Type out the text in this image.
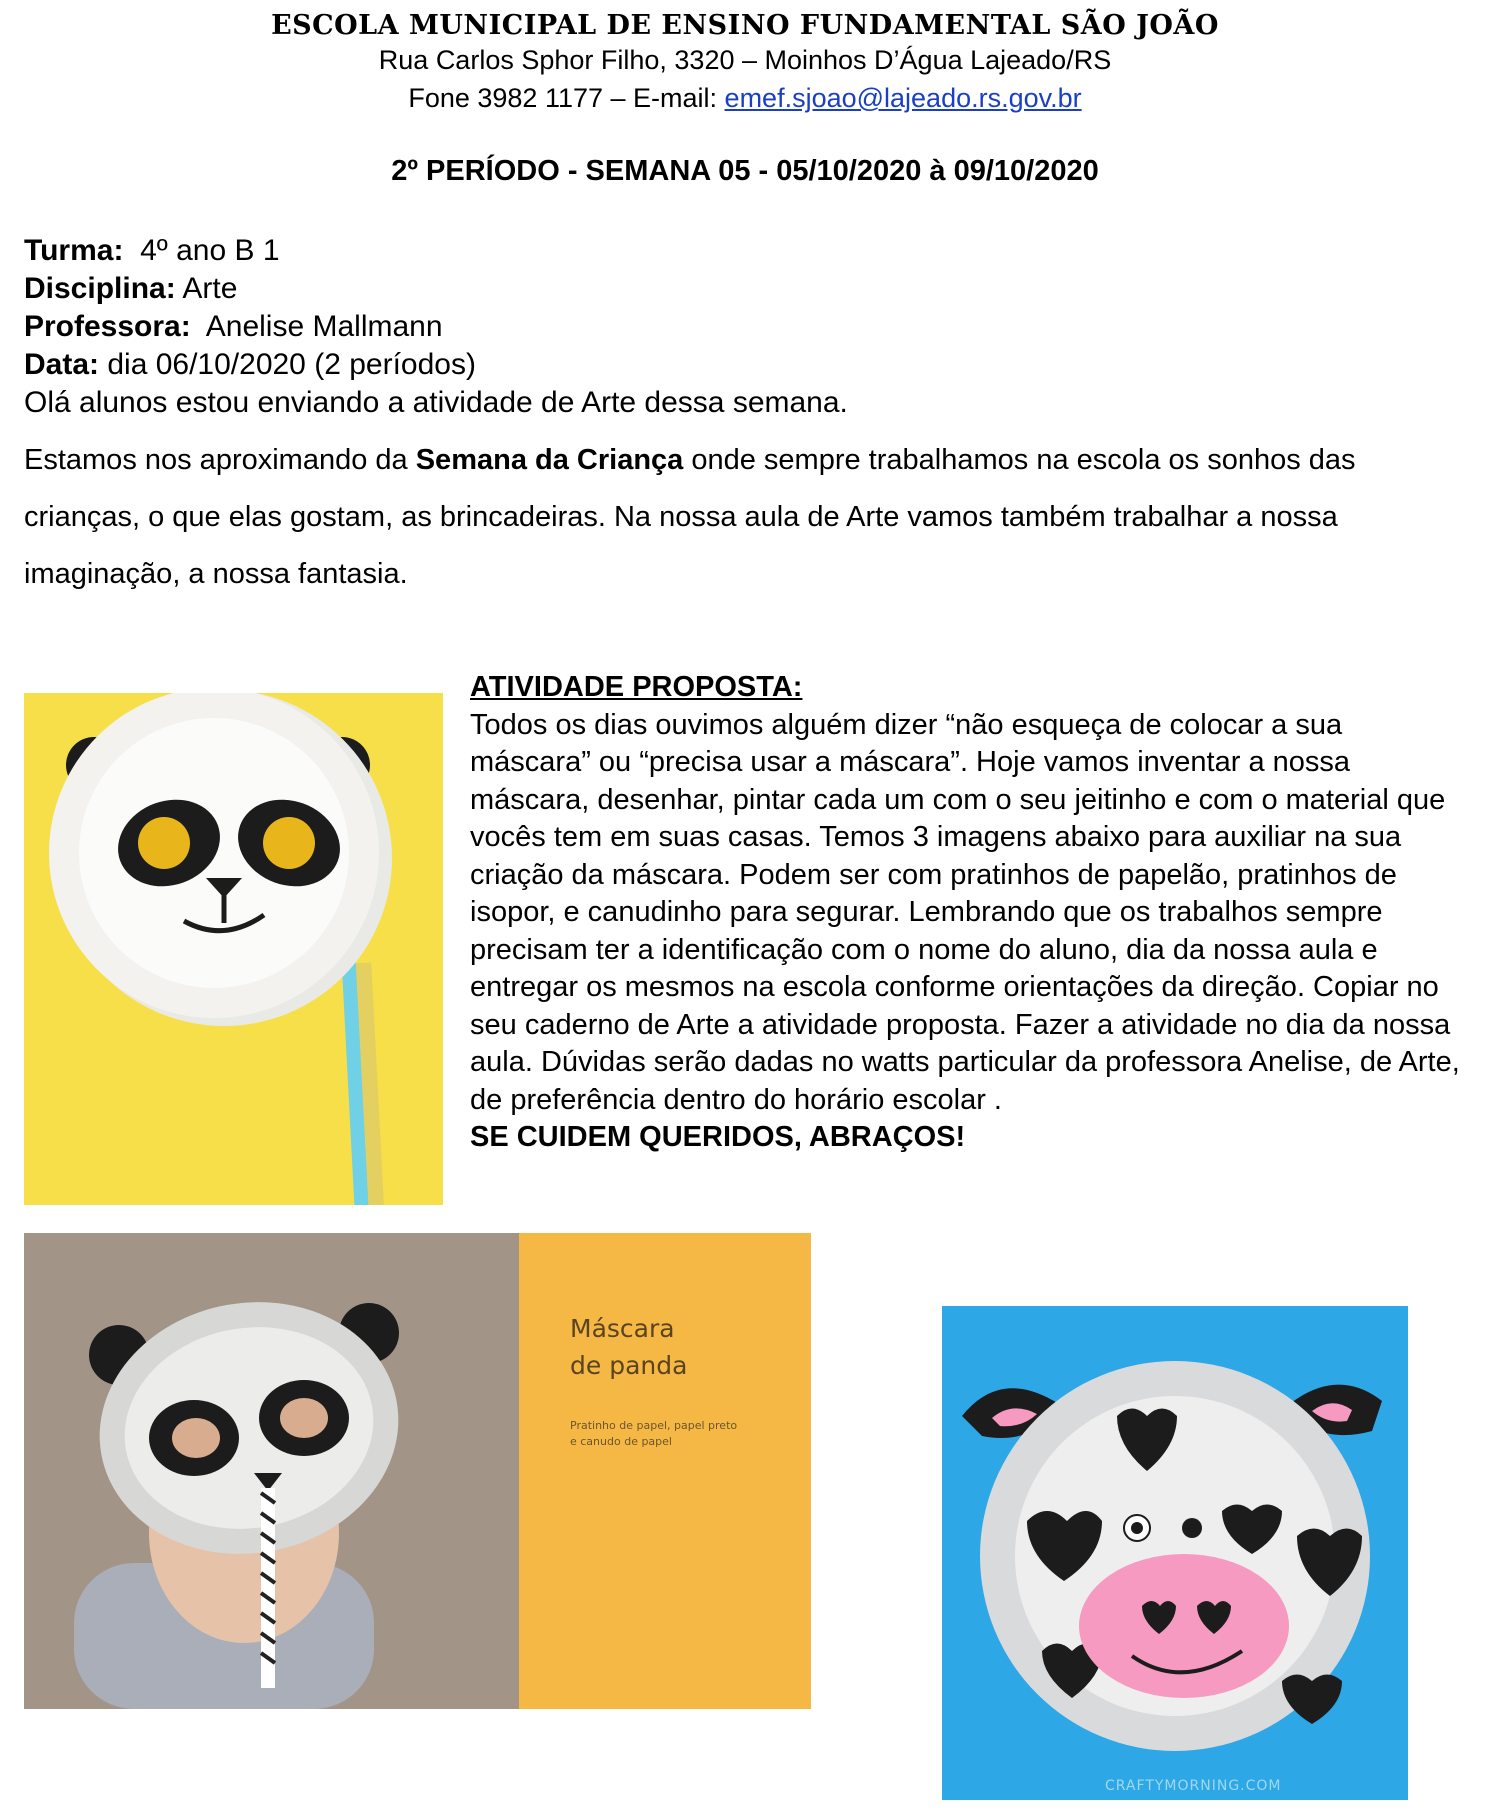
ESCOLA MUNICIPAL DE ENSINO FUNDAMENTAL SÃO JOÃO
Rua Carlos Sphor Filho, 3320 – Moinhos D’Água Lajeado/RS
Fone 3982 1177 – E-mail: emef.sjoao@lajeado.rs.gov.br
2º PERÍODO - SEMANA 05 - 05/10/2020 à 09/10/2020
Turma:  4º ano B 1
Disciplina: Arte
Professora:  Anelise Mallmann
Data: dia 06/10/2020 (2 períodos)
Olá alunos estou enviando a atividade de Arte dessa semana.
Estamos nos aproximando da Semana da Criança onde sempre trabalhamos na escola os sonhos das crianças, o que elas gostam, as brincadeiras. Na nossa aula de Arte vamos também trabalhar a nossa imaginação, a nossa fantasia.
ATIVIDADE PROPOSTA:
Todos os dias ouvimos alguém dizer “não esqueça de colocar a sua máscara” ou “precisa usar a máscara”. Hoje vamos inventar a nossa máscara, desenhar, pintar cada um com o seu jeitinho e com o material que vocês tem em suas casas. Temos 3 imagens abaixo para auxiliar na sua criação da máscara. Podem ser com pratinhos de papelão, pratinhos de isopor, e canudinho para segurar. Lembrando que os trabalhos sempre precisam ter a identificação com o nome do aluno, dia da nossa aula e entregar os mesmos na escola conforme orientações da direção. Copiar no seu caderno de Arte a atividade proposta. Fazer a atividade no dia da nossa aula. Dúvidas serão dadas no watts particular da professora Anelise, de Arte, de preferência dentro do horário escolar .
SE CUIDEM QUERIDOS, ABRAÇOS!
Máscara
de panda
Pratinho de papel, papel preto e canudo de papel
CRAFTYMORNING.COM
